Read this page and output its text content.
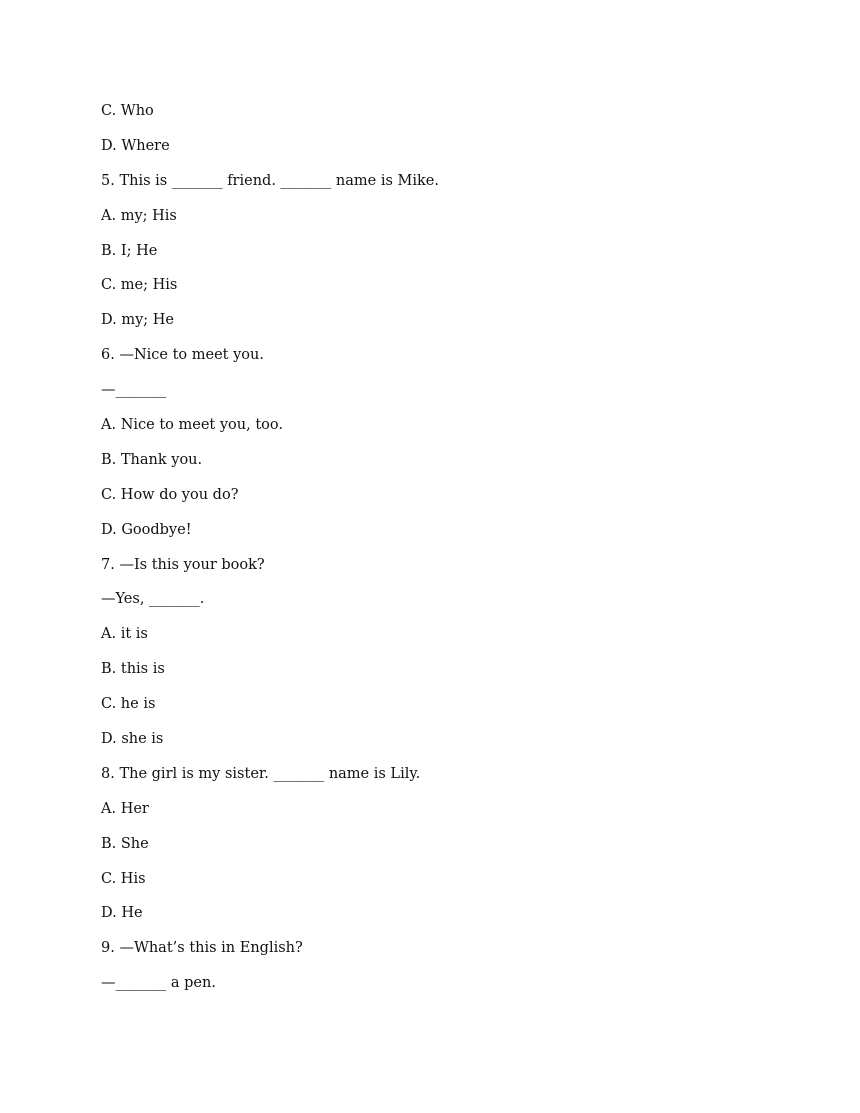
C. Who
D. Where
5. This is _______ friend. _______ name is Mike.
A. my; His
B. I; He
C. me; His
D. my; He
6. —Nice to meet you.
—_______
A. Nice to meet you, too.
B. Thank you.
C. How do you do?
D. Goodbye!
7. —Is this your book?
—Yes, _______.
A. it is
B. this is
C. he is
D. she is
8. The girl is my sister. _______ name is Lily.
A. Her
B. She
C. His
D. He
9. —What’s this in English?
—_______ a pen.
